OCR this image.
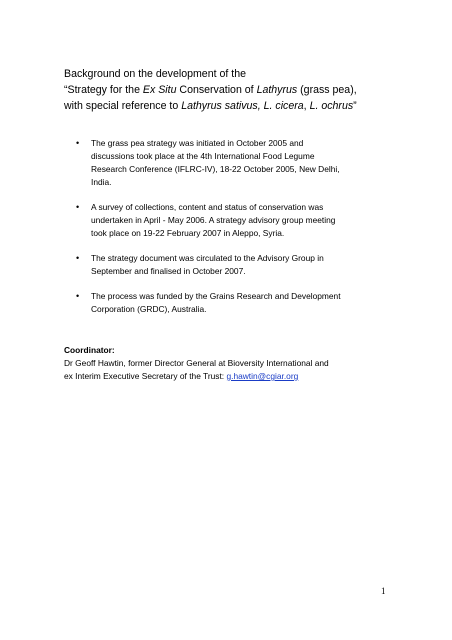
Background on the development of the
“Strategy for the Ex Situ Conservation of Lathyrus (grass pea),
with special reference to Lathyrus sativus, L. cicera, L. ochrus”
• The grass pea strategy was initiated in October 2005 and
discussions took place at the 4th International Food Legume
Research Conference (IFLRC-IV), 18-22 October 2005, New Delhi,
India.
• A survey of collections, content and status of conservation was
undertaken in April - May 2006. A strategy advisory group meeting
took place on 19-22 February 2007 in Aleppo, Syria.
• The strategy document was circulated to the Advisory Group in
September and finalised in October 2007.
• The process was funded by the Grains Research and Development
Corporation (GRDC), Australia.
Coordinator:
Dr Geoff Hawtin, former Director General at Bioversity International and
ex Interim Executive Secretary of the Trust: g.hawtin@cgiar.org
1
